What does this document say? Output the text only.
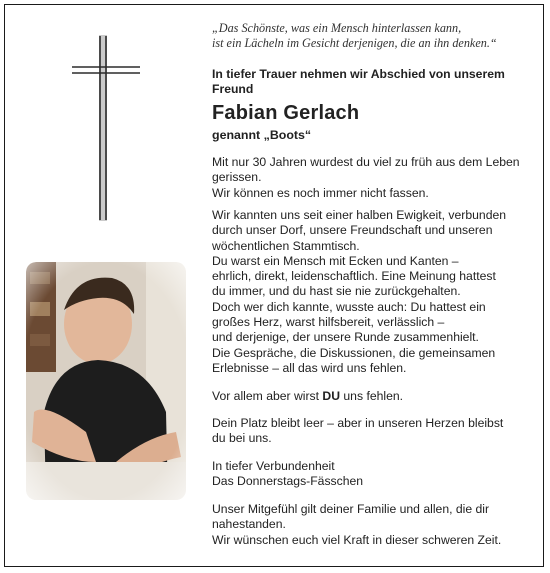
„Das Schönste, was ein Mensch hinterlassen kann,
ist ein Lächeln im Gesicht derjenigen, die an ihn denken.“
In tiefer Trauer nehmen wir Abschied von unserem
Freund
Fabian Gerlach
genannt „Boots“
Mit nur 30 Jahren wurdest du viel zu früh aus dem Leben
gerissen.
Wir können es noch immer nicht fassen.
Wir kannten uns seit einer halben Ewigkeit, verbunden
durch unser Dorf, unsere Freundschaft und unseren
wöchentlichen Stammtisch.
Du warst ein Mensch mit Ecken und Kanten –
ehrlich, direkt, leidenschaftlich. Eine Meinung hattest
du immer, und du hast sie nie zurückgehalten.
Doch wer dich kannte, wusste auch: Du hattest ein
großes Herz, warst hilfsbereit, verlässlich –
und derjenige, der unsere Runde zusammenhielt.
Die Gespräche, die Diskussionen, die gemeinsamen
Erlebnisse – all das wird uns fehlen.
Vor allem aber wirst DU uns fehlen.
Dein Platz bleibt leer – aber in unseren Herzen bleibst
du bei uns.
In tiefer Verbundenheit
Das Donnerstags-Fässchen
Unser Mitgefühl gilt deiner Familie und allen, die dir
nahestanden.
Wir wünschen euch viel Kraft in dieser schweren Zeit.
